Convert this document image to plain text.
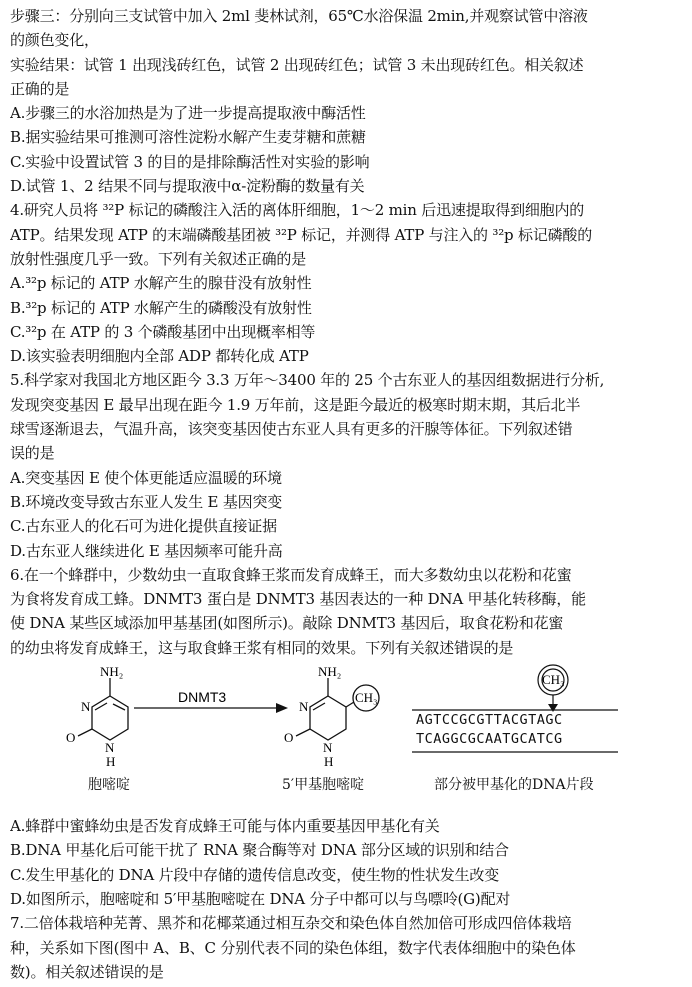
步骤三：分别向三支试管中加入 2ml 斐林试剂，65℃水浴保温 2min,并观察试管中溶液
的颜色变化，
实验结果：试管 1 出现浅砖红色，试管 2 出现砖红色；试管 3 未出现砖红色。相关叙述
正确的是
A.步骤三的水浴加热是为了进一步提高提取液中酶活性
B.据实验结果可推测可溶性淀粉水解产生麦芽糖和蔗糖
C.实验中设置试管 3 的目的是排除酶活性对实验的影响
D.试管 1、2 结果不同与提取液中α-淀粉酶的数量有关
4.研究人员将 ³²P 标记的磷酸注入活的离体肝细胞，1～2 min 后迅速提取得到细胞内的
ATP。结果发现 ATP 的末端磷酸基团被 ³²P 标记，并测得 ATP 与注入的 ³²p 标记磷酸的
放射性强度几乎一致。下列有关叙述正确的是
A.³²p 标记的 ATP 水解产生的腺苷没有放射性
B.³²p 标记的 ATP 水解产生的磷酸没有放射性
C.³²p 在 ATP 的 3 个磷酸基团中出现概率相等
D.该实验表明细胞内全部 ADP 都转化成 ATP
5.科学家对我国北方地区距今 3.3 万年～3400 年的 25 个古东亚人的基因组数据进行分析,
发现突变基因 E 最早出现在距今 1.9 万年前，这是距今最近的极寒时期末期，其后北半
球雪逐渐退去，气温升高，该突变基因使古东亚人具有更多的汗腺等体征。下列叙述错
误的是
A.突变基因 E 使个体更能适应温暖的环境
B.环境改变导致古东亚人发生 E 基因突变
C.古东亚人的化石可为进化提供直接证据
D.古东亚人继续进化 E 基因频率可能升高
6.在一个蜂群中，少数幼虫一直取食蜂王浆而发育成蜂王，而大多数幼虫以花粉和花蜜
为食将发育成工蜂。DNMT3 蛋白是 DNMT3 基因表达的一种 DNA 甲基化转移酶，能
使 DNA 某些区域添加甲基基团(如图所示)。敲除 DNMT3 基因后，取食花粉和花蜜
的幼虫将发育成蜂王，这与取食蜂王浆有相同的效果。下列有关叙述错误的是
NH₂
N
O
N
H
DNMT3
NH₂
N
O
N
H
CH₃
CH₃
AGTCCGCGTTACGTAGC
TCAGGCGCAATGCATCG
胞嘧啶	5′甲基胞嘧啶	部分被甲基化的DNA片段
A.蜂群中蜜蜂幼虫是否发育成蜂王可能与体内重要基因甲基化有关
B.DNA 甲基化后可能干扰了 RNA 聚合酶等对 DNA 部分区域的识别和结合
C.发生甲基化的 DNA 片段中存储的遗传信息改变，使生物的性状发生改变
D.如图所示，胞嘧啶和 5′甲基胞嘧啶在 DNA 分子中都可以与鸟嘌呤(G)配对
7.二倍体栽培种芜菁、黑芥和花椰菜通过相互杂交和染色体自然加倍可形成四倍体栽培
种，关系如下图(图中 A、B、C 分别代表不同的染色体组，数字代表体细胞中的染色体
数)。相关叙述错误的是
